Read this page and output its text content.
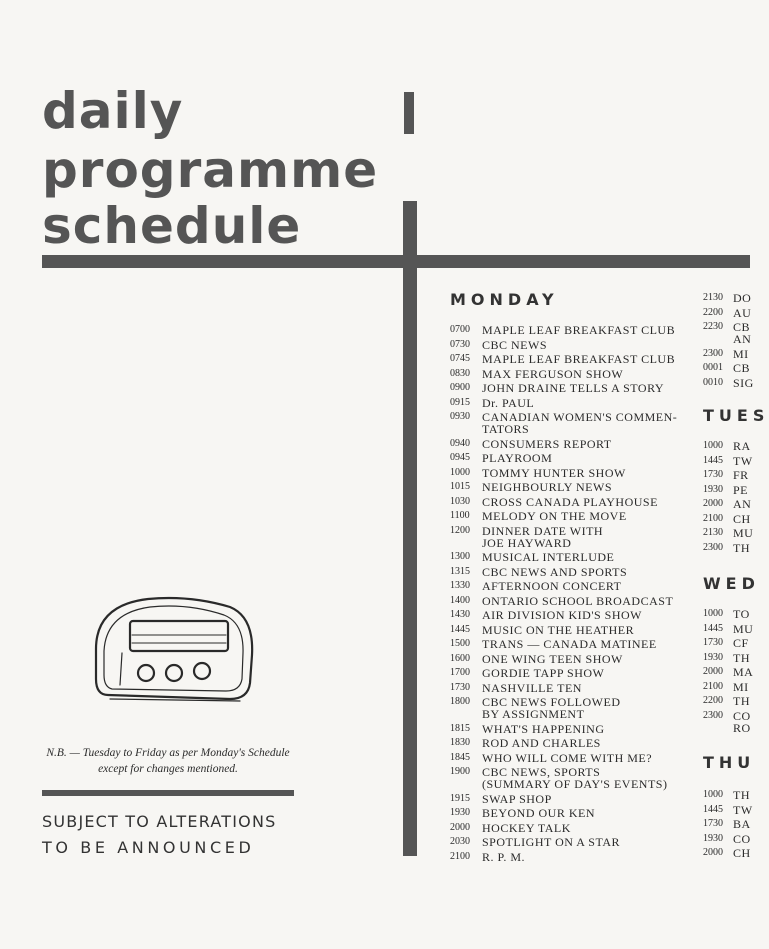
daily
programme
schedule
N.B. — Tuesday to Friday as per Monday's Schedule except for changes mentioned.

SUBJECT TO ALTERATIONS

TO BE ANNOUNCED

MONDAY
0700	MAPLE LEAF BREAKFAST CLUB
0730	CBC NEWS
0745	MAPLE LEAF BREAKFAST CLUB
0830	MAX FERGUSON SHOW
0900	JOHN DRAINE TELLS A STORY
0915	Dr. PAUL
0930	CANADIAN WOMEN'S COMMEN-
TATORS
0940	CONSUMERS REPORT
0945	PLAYROOM
1000	TOMMY HUNTER SHOW
1015	NEIGHBOURLY NEWS
1030	CROSS CANADA PLAYHOUSE
1100	MELODY ON THE MOVE
1200	DINNER DATE WITH
JOE HAYWARD
1300	MUSICAL INTERLUDE
1315	CBC NEWS AND SPORTS
1330	AFTERNOON CONCERT
1400	ONTARIO SCHOOL BROADCAST
1430	AIR DIVISION KID'S SHOW
1445	MUSIC ON THE HEATHER
1500	TRANS — CANADA MATINEE
1600	ONE WING TEEN SHOW
1700	GORDIE TAPP SHOW
1730	NASHVILLE TEN
1800	CBC NEWS FOLLOWED
BY ASSIGNMENT
1815	WHAT'S HAPPENING
1830	ROD AND CHARLES
1845	WHO WILL COME WITH ME?
1900	CBC NEWS, SPORTS
(SUMMARY OF DAY'S EVENTS)
1915	SWAP SHOP
1930	BEYOND OUR KEN
2000	HOCKEY TALK
2030	SPOTLIGHT ON A STAR
2100	R. P. M.
2130 DO
2200 AU
2230 CB
AN
2300 MI
0001 CB
0010 SIG
TUES
1000 RA
1445 TW
1730 FR
1930 PE
2000 AN
2100 CH
2130 MU
2300 TH
WED
1000 TO
1445 MU
1730 CF
1930 TH
2000 MA
2100 MI
2200 TH
2300 CO
RO
THU
1000 TH
1445 TW
1730 BA
1930 CO
2000 CH
